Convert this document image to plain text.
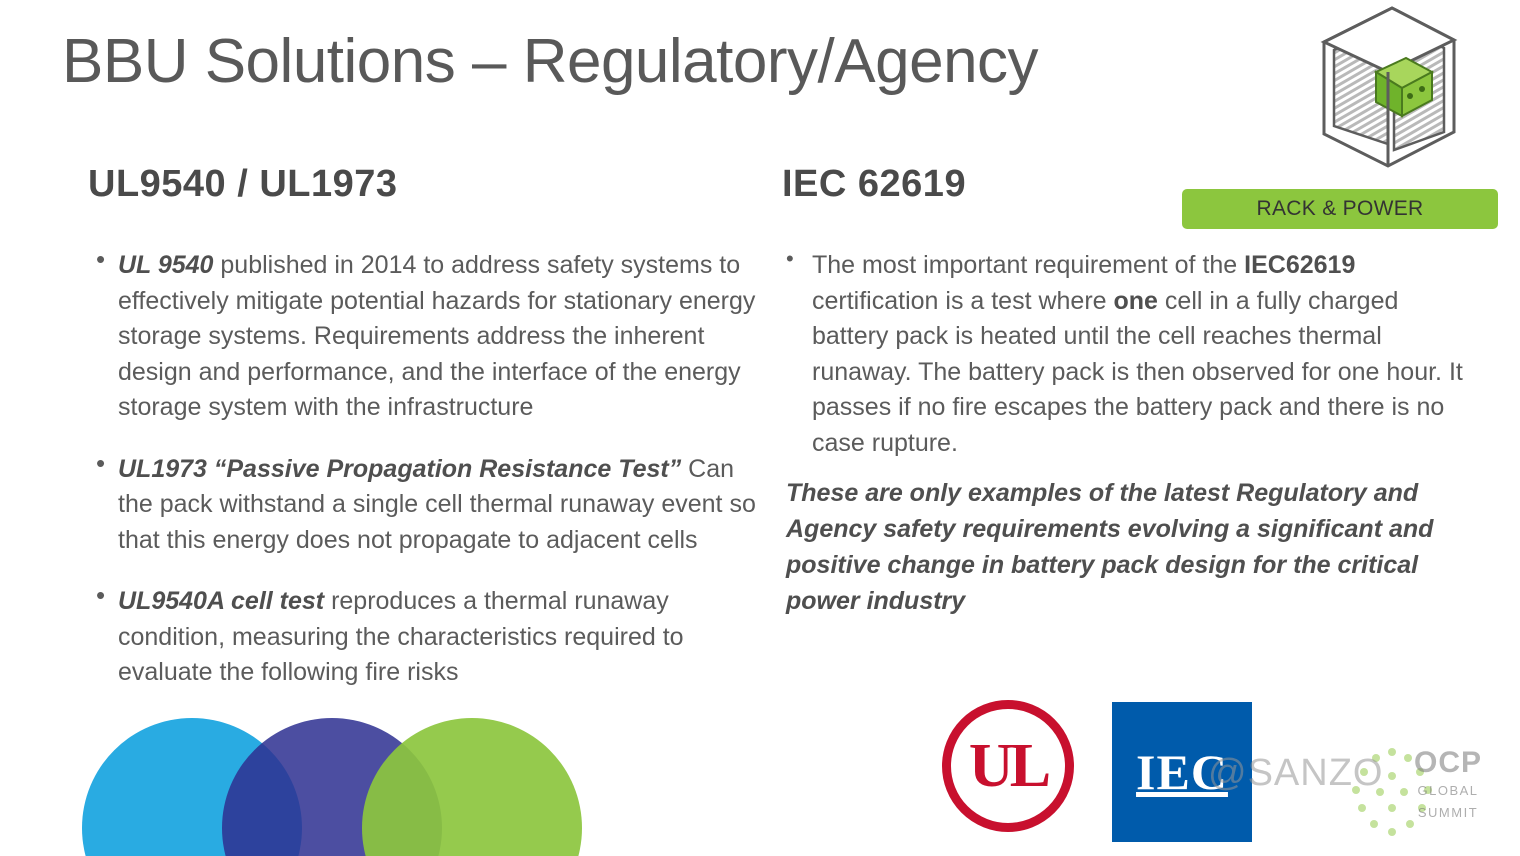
BBU Solutions – Regulatory/Agency
RACK & POWER
UL9540 / UL1973	IEC 62619
• UL 9540 published in 2014 to address safety systems to effectively mitigate potential hazards for stationary energy storage systems. Requirements address the inherent design and performance, and the interface of the energy storage system with the infrastructure
• UL1973 “Passive Propagation Resistance Test” Can the pack withstand a single cell thermal runaway event so that this energy does not propagate to adjacent cells
• UL9540A cell test reproduces a thermal runaway condition, measuring the characteristics required to evaluate the following fire risks
• The most important requirement of the IEC62619 certification is a test where one cell in a fully charged battery pack is heated until the cell reaches thermal runaway. The battery pack is then observed for one hour. It passes if no fire escapes the battery pack and there is no case rupture.
These are only examples of the latest Regulatory and Agency safety requirements evolving a significant and positive change in battery pack design for the critical power industry
UL IEC	OCP
GLOBAL
SUMMIT
@SANZO
